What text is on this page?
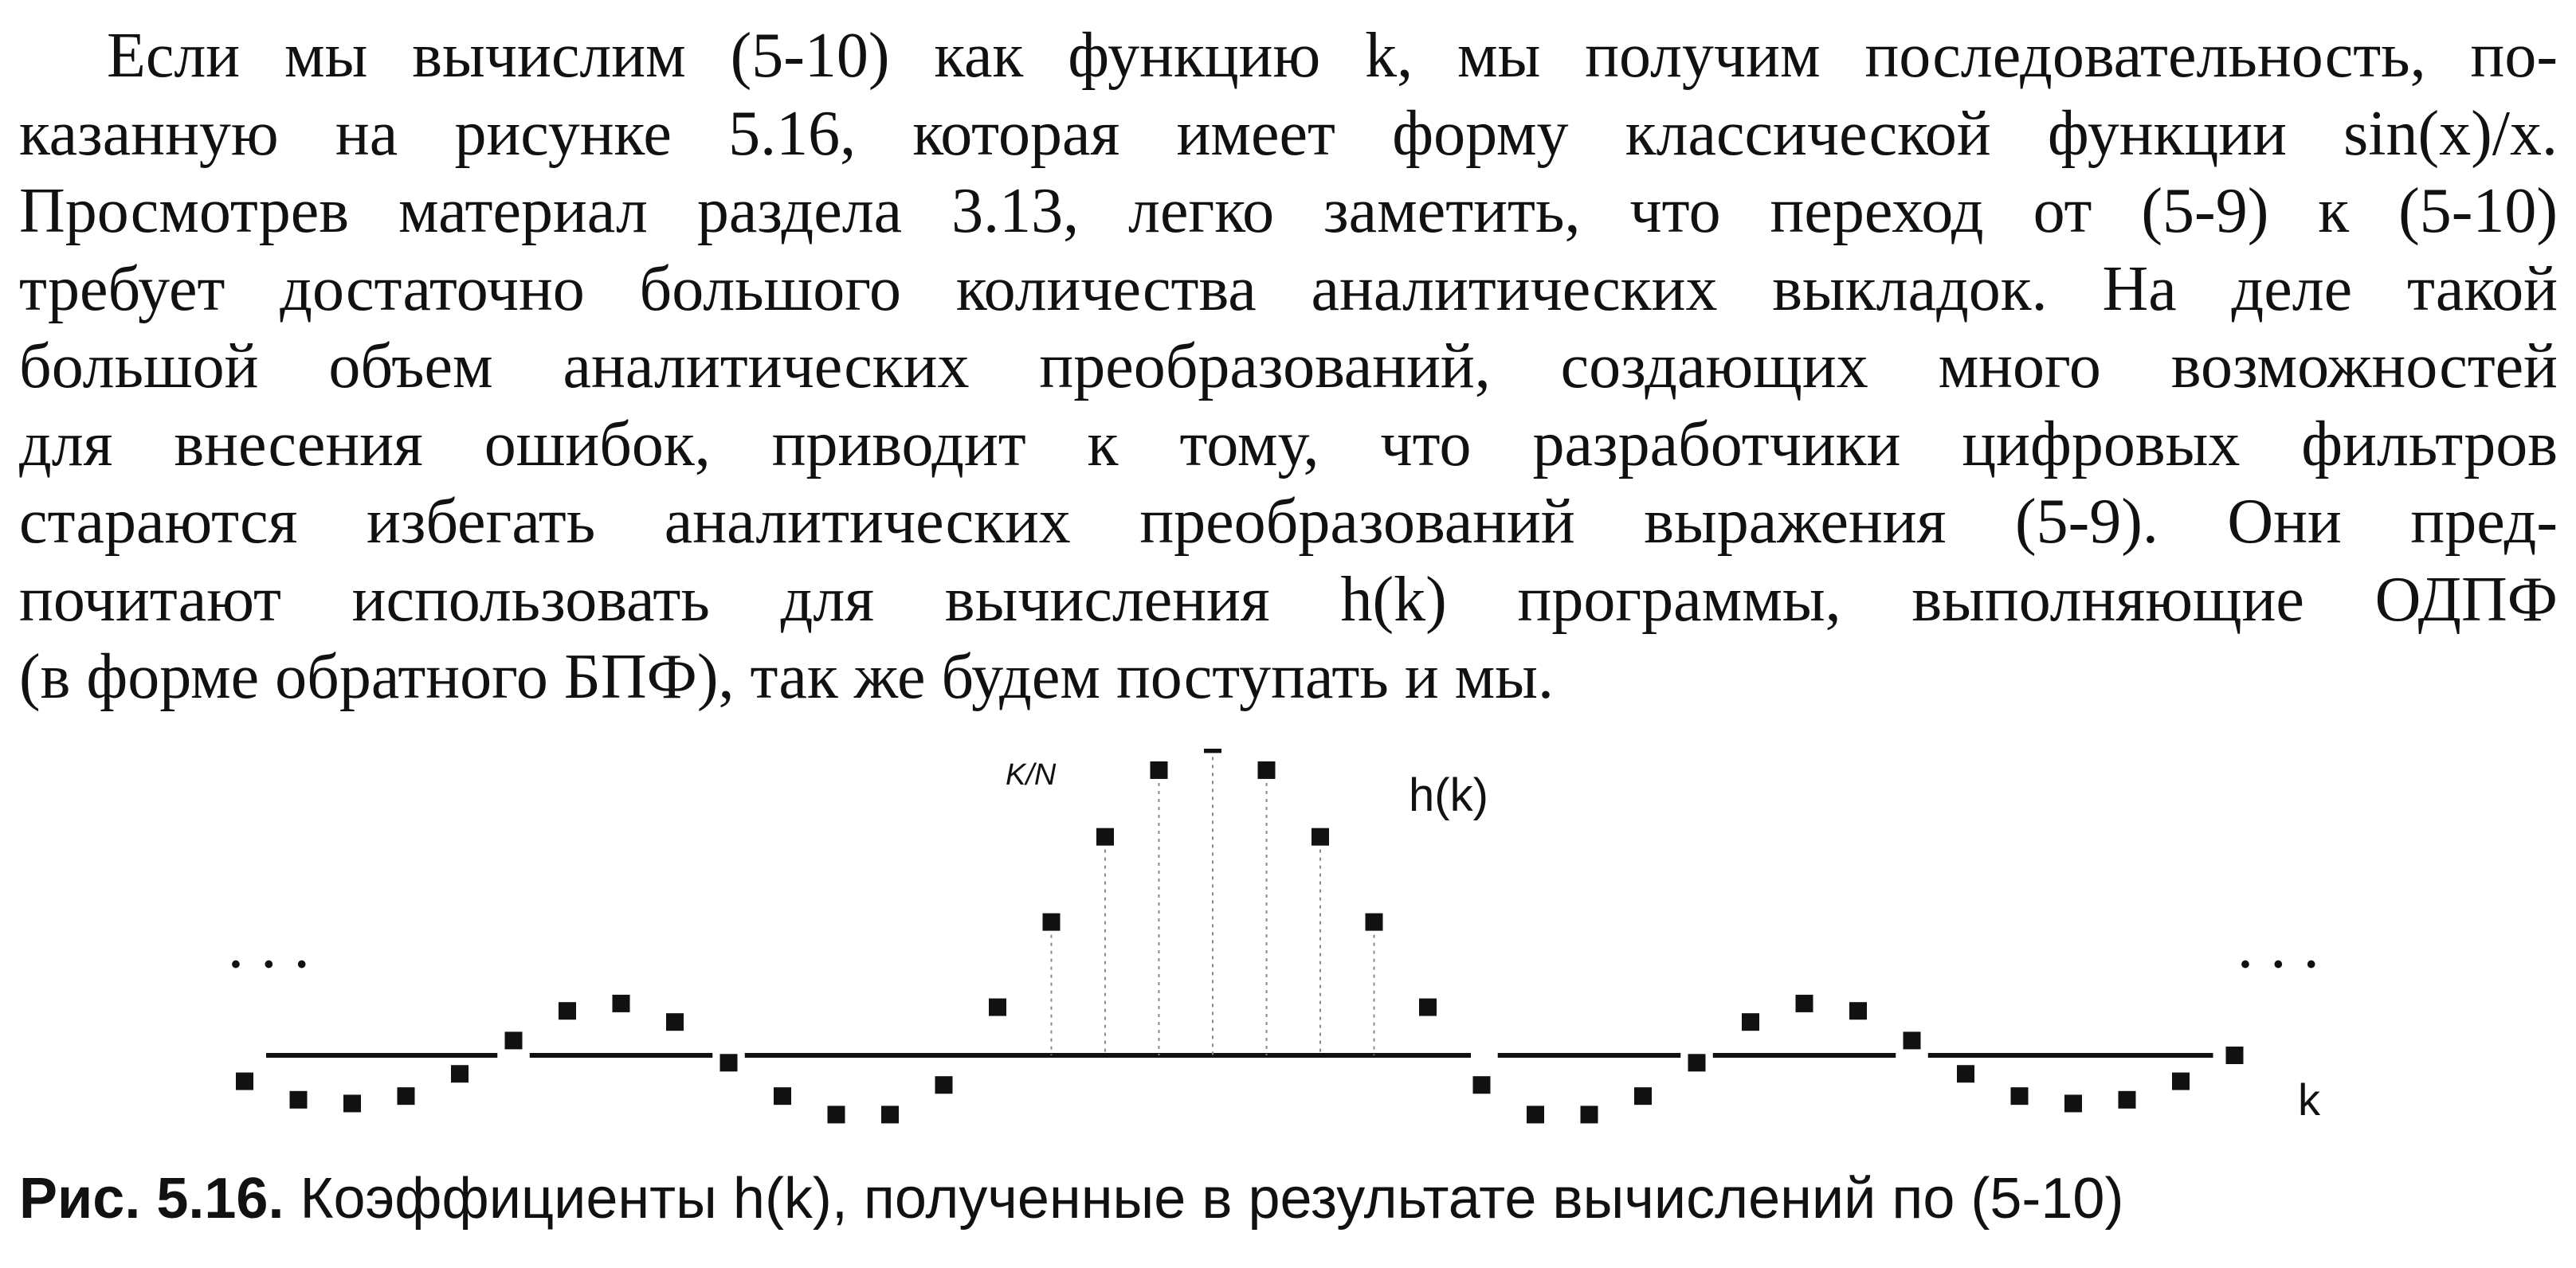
Если мы вычислим (5-10) как функцию k, мы получим последовательность, по-
казанную на рисунке 5.16, которая имеет форму классической функции sin(x)/x.
Просмотрев материал раздела 3.13, легко заметить, что переход от (5-9) к (5-10)
требует достаточно большого количества аналитических выкладок. На деле такой
большой объем аналитических преобразований, создающих много возможностей
для внесения ошибок, приводит к тому, что разработчики цифровых фильтров
стараются избегать аналитических преобразований выражения (5-9). Они пред-
почитают использовать для вычисления h(k) программы, выполняющие ОДПФ
(в форме обратного БПФ), так же будем поступать и мы.
K/N	h(k)
k
• • •	• • •
Рис. 5.16. Коэффициенты h(k), полученные в результате вычислений по (5-10)
